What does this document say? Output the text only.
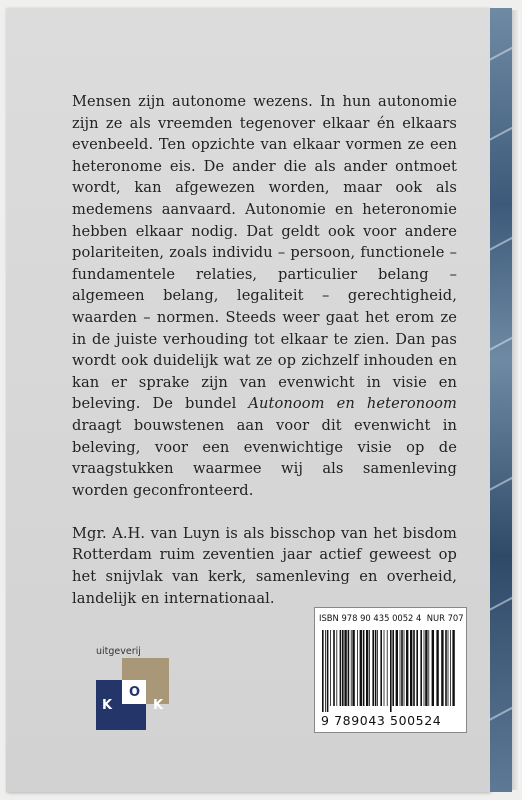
Mensen zijn autonome wezens. In hun autonomie zijn ze als vreemden tegenover elkaar én elkaars evenbeeld. Ten opzichte van elkaar vormen ze een heteronome eis. De ander die als ander ontmoet wordt, kan afgewezen worden, maar ook als medemens aanvaard. Autonomie en heteronomie hebben elkaar nodig. Dat geldt ook voor andere polariteiten, zoals individu – persoon, functionele – fundamentele relaties, particulier belang – algemeen belang, legaliteit – gerechtigheid, waarden – normen. Steeds weer gaat het erom ze in de juiste verhouding tot elkaar te zien. Dan pas wordt ook duidelijk wat ze op zichzelf inhouden en kan er sprake zijn van evenwicht in visie en beleving. De bundel Autonoom en heteronoom draagt bouwstenen aan voor dit evenwicht in beleving, voor een evenwichtige visie op de vraagstukken waarmee wij als samenleving worden geconfronteerd.

Mgr. A.H. van Luyn is als bisschop van het bisdom Rotterdam ruim zeventien jaar actief geweest op het snijvlak van kerk, samenleving en overheid, landelijk en internationaal.

uitgeverij
K
O
K
ISBN 978 90 435 0052 4 NUR 707
9 789043 500524
